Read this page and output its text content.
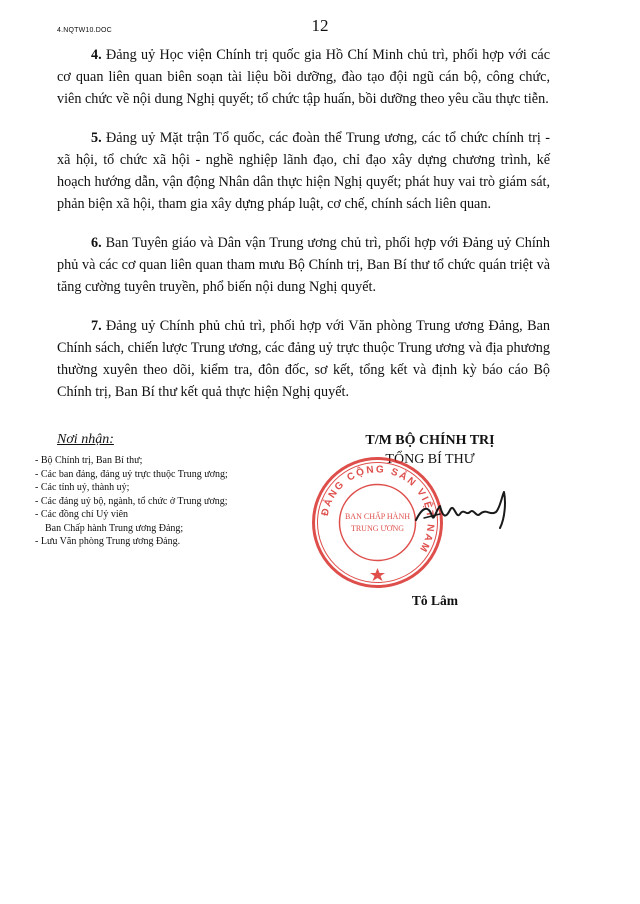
4.NQTW10.DOC	12

4. Đảng uỷ Học viện Chính trị quốc gia Hồ Chí Minh chủ trì, phối hợp với các cơ quan liên quan biên soạn tài liệu bồi dưỡng, đào tạo đội ngũ cán bộ, công chức, viên chức về nội dung Nghị quyết; tổ chức tập huấn, bồi dưỡng theo yêu cầu thực tiễn.

5. Đảng uỷ Mặt trận Tổ quốc, các đoàn thể Trung ương, các tổ chức chính trị - xã hội, tổ chức xã hội - nghề nghiệp lãnh đạo, chỉ đạo xây dựng chương trình, kế hoạch hướng dẫn, vận động Nhân dân thực hiện Nghị quyết; phát huy vai trò giám sát, phản biện xã hội, tham gia xây dựng pháp luật, cơ chế, chính sách liên quan.

6. Ban Tuyên giáo và Dân vận Trung ương chủ trì, phối hợp với Đảng uỷ Chính phủ và các cơ quan liên quan tham mưu Bộ Chính trị, Ban Bí thư tổ chức quán triệt và tăng cường tuyên truyền, phổ biến nội dung Nghị quyết.

7. Đảng uỷ Chính phủ chủ trì, phối hợp với Văn phòng Trung ương Đảng, Ban Chính sách, chiến lược Trung ương, các đảng uỷ trực thuộc Trung ương và địa phương thường xuyên theo dõi, kiểm tra, đôn đốc, sơ kết, tổng kết và định kỳ báo cáo Bộ Chính trị, Ban Bí thư kết quả thực hiện Nghị quyết.

Nơi nhận:
- Bộ Chính trị, Ban Bí thư;
- Các ban đảng, đảng uỷ trực thuộc Trung ương;
- Các tỉnh uỷ, thành uỷ;
- Các đảng uỷ bộ, ngành, tổ chức ở Trung ương;
- Các đồng chí Uỷ viên
Ban Chấp hành Trung ương Đảng;
- Lưu Văn phòng Trung ương Đảng.
T/M BỘ CHÍNH TRỊ
TỔNG BÍ THƯ
ĐẢNG CỘNG SẢN VIỆT NAM
BAN CHẤP HÀNH
TRUNG ƯƠNG
Tô Lâm
